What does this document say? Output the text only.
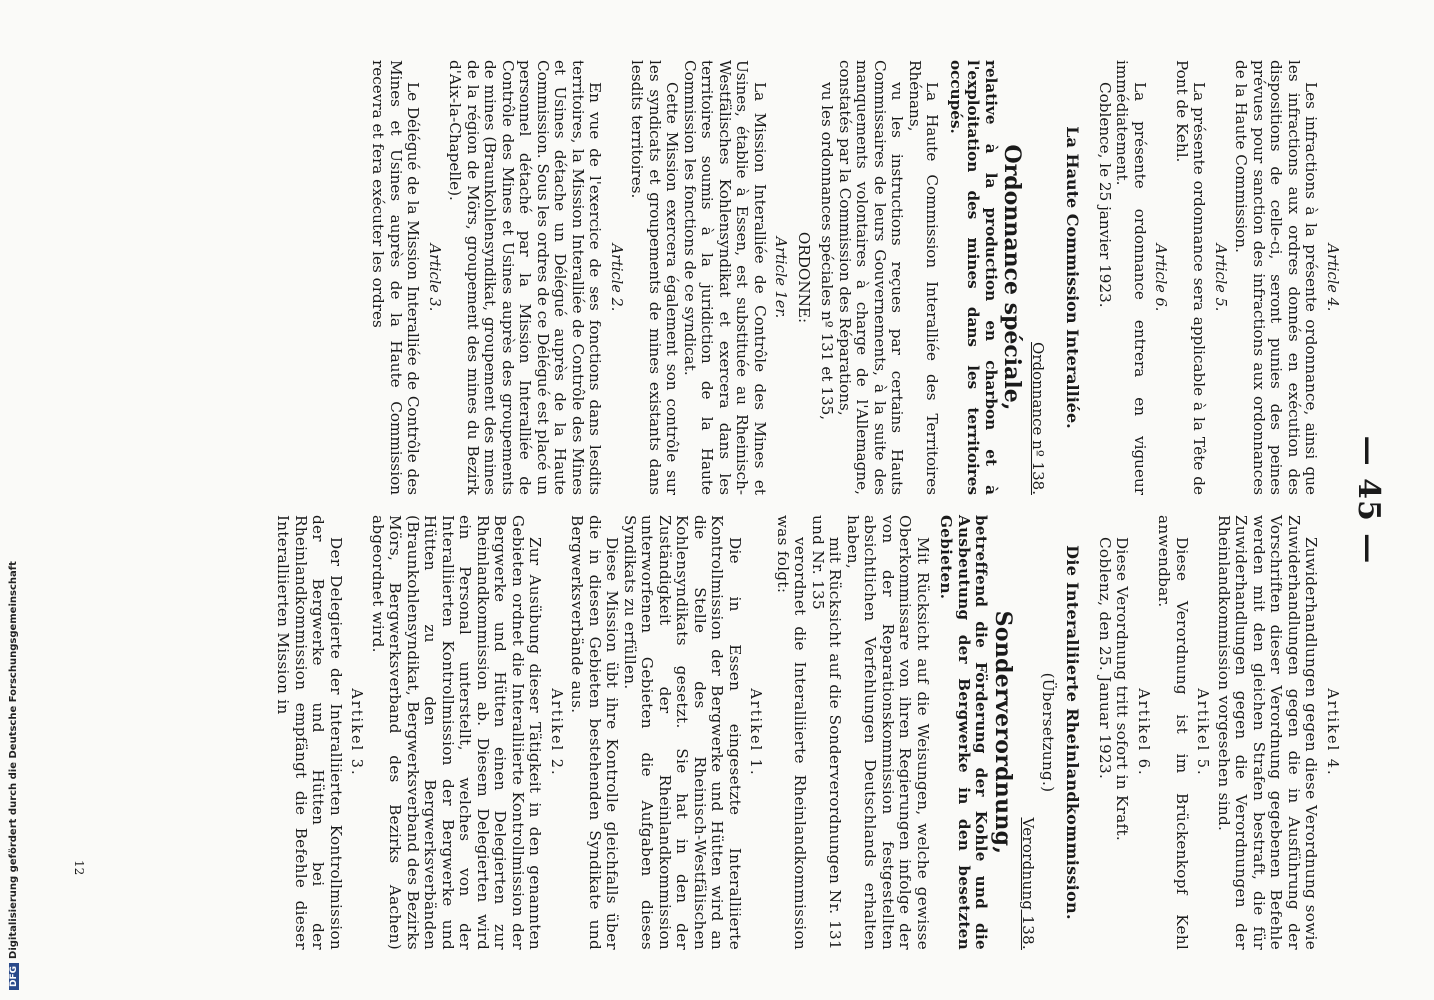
— 45 —
Article 4.

Les infractions à la présente ordonnance, ainsi que les infractions aux ordres donnés en exécution des dispositions de celle-ci, seront punies des peines prévues pour sanction des infractions aux ordonnances de la Haute Commission.

Article 5.

La présente ordonnance sera applicable à la Tête de Pont de Kehl.

Article 6.

La présente ordonnance entrera en vigueur immédiatement.

Coblence, le 25 janvier 1923.

La Haute Commission Interalliée.
Ordonnance nº 138.
Ordonnance spéciale,

relative à la production en charbon et à l'exploitation des mines dans les territoires occupés.

La Haute Commission Interalliée des Territoires Rhénans,

vu les instructions reçues par certains Hauts Commissaires de leurs Gouvernements, à la suite des manquements volontaires à charge de l'Allemagne, constatés par la Commission des Réparations,

vu les ordonnances spéciales nº 131 et 135,

ORDONNE:

Article 1er.

La Mission Interalliée de Contrôle des Mines et Usines, établie à Essen, est substituée au Rheinisch-Westfälisches Kohlensyndikat et exercera dans les territoires soumis à la juridiction de la Haute Commission les fonctions de ce syndicat.

Cette Mission exercera également son contrôle sur les syndicats et groupements de mines existants dans lesdits territoires.

Article 2.

En vue de l'exercice de ses fonctions dans lesdits territoires, la Mission Interalliée de Contrôle des Mines et Usines détache un Délégué auprès de la Haute Commission. Sous les ordres de ce Délégué est placé un personnel détaché par la Mission Interalliée de Contrôle des Mines et Usines auprès des groupements de mines (Braunkohlensyndikat, groupement des mines de la région de Mörs, groupement des mines du Bezirk d'Aix-la-Chapelle).

Article 3.

Le Délégué de la Mission Interalliée de Contrôle des Mines et Usines auprès de la Haute Commission recevra et fera exécuter les ordres

Artikel 4.

Zuwiderhandlungen gegen diese Verordnung sowie Zuwiderhandlungen gegen die in Ausführung der Vorschriften dieser Verordnung gegebenen Befehle werden mit den gleichen Strafen bestraft, die für Zuwiderhandlungen gegen die Verordnungen der Rheinlandkommission vorgesehen sind.

Artikel 5.

Diese Verordnung ist im Brückenkopf Kehl anwendbar.

Artikel 6.

Diese Verordnung tritt sofort in Kraft.

Coblenz, den 25. Januar 1923.

Die Interalliierte Rheinlandkommission.
(Übersetzung.)
Verordnung 138.
Sonderverordnung,

betreffend die Förderung der Kohle und die Ausbeutung der Bergwerke in den besetzten Gebieten.

Mit Rücksicht auf die Weisungen, welche gewisse Oberkommissare von ihren Regierungen infolge der von der Reparationskommission festgestellten absichtlichen Verfehlungen Deutschlands erhalten haben,

mit Rücksicht auf die Sonderverordnungen Nr. 131 und Nr. 135

verordnet die Interalliierte Rheinlandkommission was folgt:

Artikel 1.

Die in Essen eingesetzte Interalliierte Kontrollmission der Bergwerke und Hütten wird an die Stelle des Rheinisch-Westfälischen Kohlensyndikats gesetzt. Sie hat in den der Zuständigkeit der Rheinlandkommission unterworfenen Gebieten die Aufgaben dieses Syndikats zu erfüllen.

Diese Mission übt ihre Kontrolle gleichfalls über die in diesen Gebieten bestehenden Syndikate und Bergwerksverbände aus.

Artikel 2.

Zur Ausübung dieser Tätigkeit in den genannten Gebieten ordnet die Interalliierte Kontrollmission der Bergwerke und Hütten einen Delegierten zur Rheinlandkommission ab. Diesem Delegierten wird ein Personal unterstellt, welches von der Interalliierten Kontrollmission der Bergwerke und Hütten zu den Bergwerksverbänden (Braunkohlensyndikat, Bergwerksverband des Bezirks Mörs, Bergwerksverband des Bezirks Aachen) abgeordnet wird.

Artikel 3.

Der Delegierte der Interalliierten Kontrollmission der Bergwerke und Hütten bei der Rheinlandkommission empfängt die Befehle dieser Interalliierten Mission in

12
DFGDigitalisierung gefördert durch die Deutsche Forschungsgemeinschaft
